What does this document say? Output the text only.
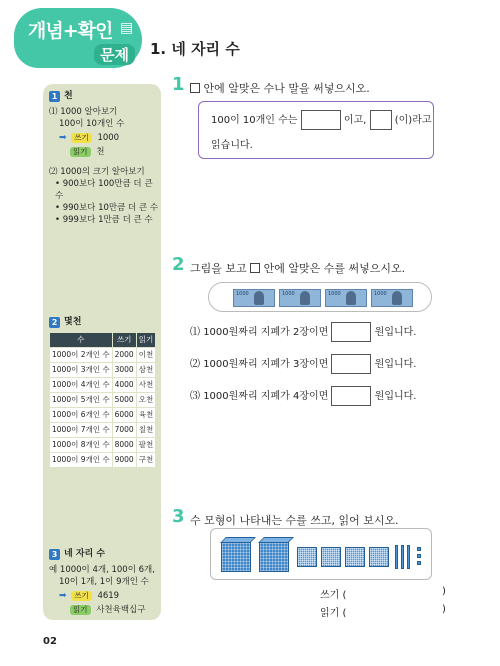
개념+확인 ▤
문제	1. 네 자리 수
1 천
⑴ 1000 알아보기
100이 10개인 수
➡ 쓰기 1000
읽기 천
⑵ 1000의 크기 알아보기
• 900보다 100만큼 더 큰 수
• 990보다 10만큼 더 큰 수
• 999보다 1만큼 더 큰 수
2 몇천
수	쓰기	읽기
1000이 2개인 수	2000	이천
1000이 3개인 수	3000	삼천
1000이 4개인 수	4000	사천
1000이 5개인 수	5000	오천
1000이 6개인 수	6000	육천
1000이 7개인 수	7000	칠천
1000이 8개인 수	8000	팔천
1000이 9개인 수	9000	구천
3 네 자리 수
예 1000이 4개, 100이 6개,
10이 1개, 1이 9개인 수
➡ 쓰기 4619
읽기 사천육백십구
02
1	안에 알맞은 수나 말을 써넣으시오.
100이 10개인 수는	이고,	(이)라고
읽습니다.
2 그림을 보고 안에 알맞은 수를 써넣으시오.
1000	1000	1000	1000
⑴ 1000원짜리 지폐가 2장이면	원입니다.
⑵ 1000원짜리 지폐가 3장이면	원입니다.
⑶ 1000원짜리 지폐가 4장이면	원입니다.
3 수 모형이 나타내는 수를 쓰고, 읽어 보시오.
쓰기 (	)
읽기 (	)
